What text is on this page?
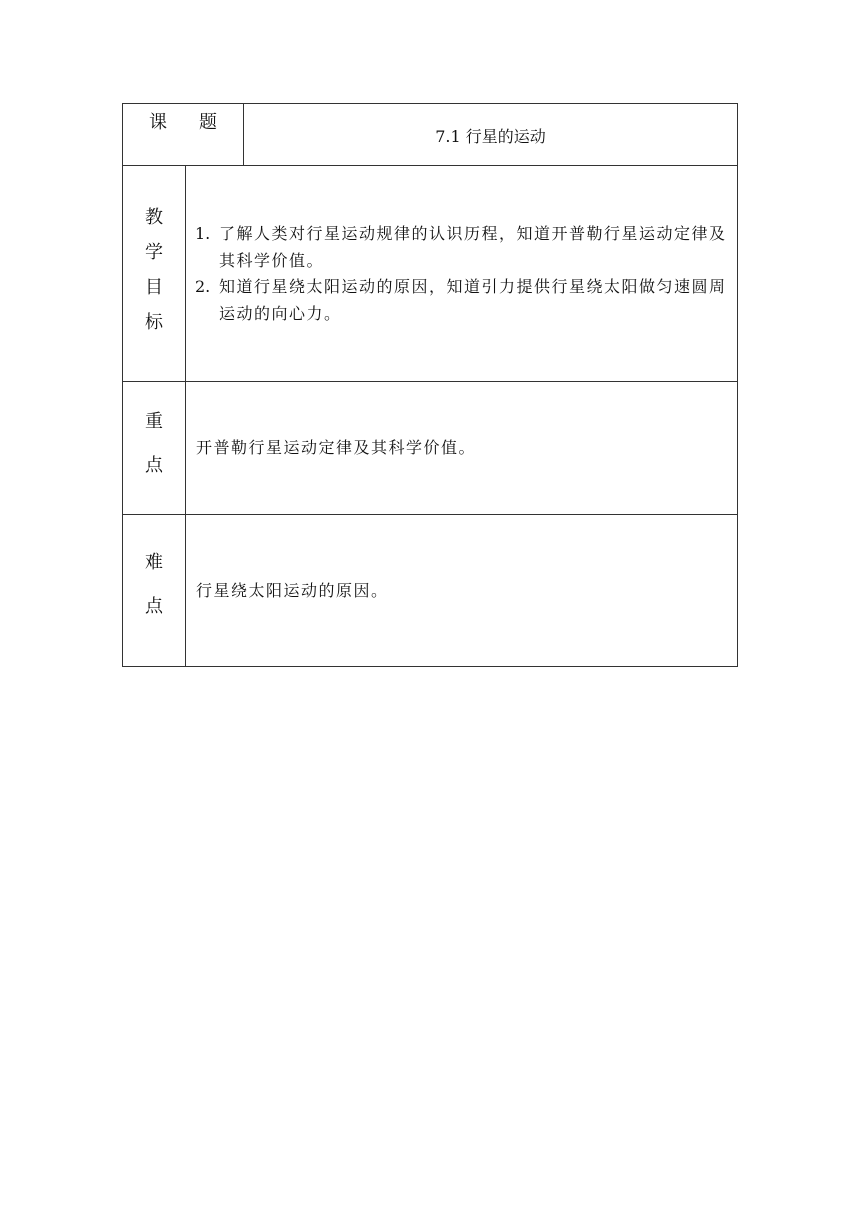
课 题
7.1 行星的运动
教
学
目
标
1. 了解人类对行星运动规律的认识历程，知道开普勒行星运动定律及其科学价值。
2. 知道行星绕太阳运动的原因，知道引力提供行星绕太阳做匀速圆周运动的向心力。
重
点
开普勒行星运动定律及其科学价值。
难
点
行星绕太阳运动的原因。
